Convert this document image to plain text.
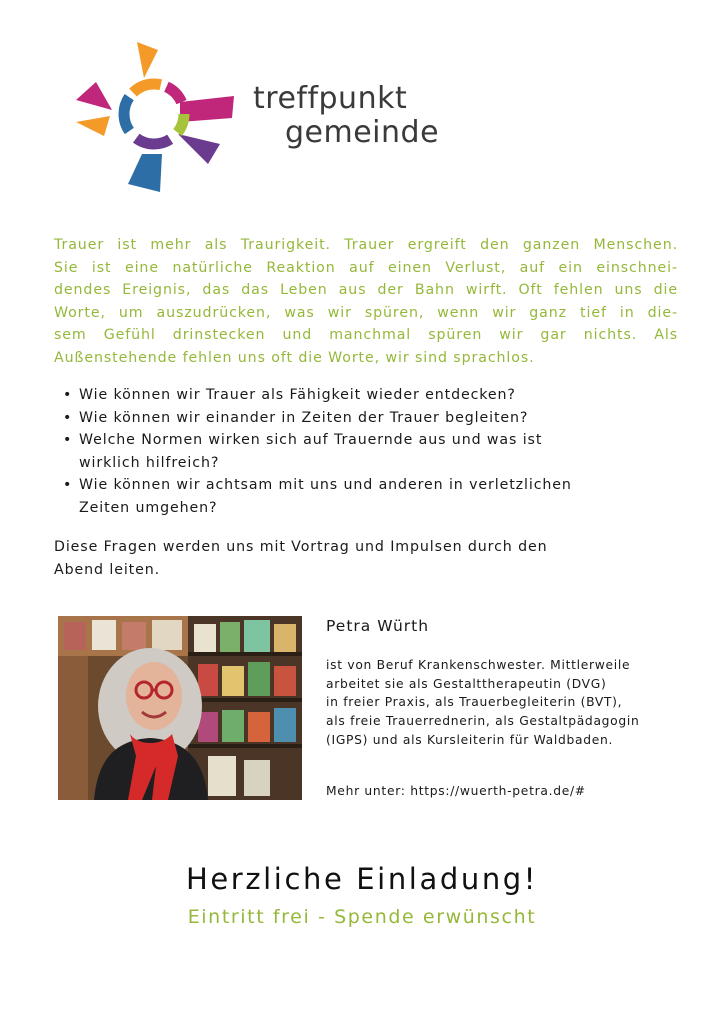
treffpunkt
gemeinde

Trauer ist mehr als Traurigkeit. Trauer ergreift den ganzen Menschen.
Sie ist eine natürliche Reaktion auf einen Verlust, auf ein einschnei-
dendes Ereignis, das das Leben aus der Bahn wirft. Oft fehlen uns die
Worte, um auszudrücken, was wir spüren, wenn wir ganz tief in die-
sem Gefühl drinstecken und manchmal spüren wir gar nichts. Als
Außenstehende fehlen uns oft die Worte, wir sind sprachlos.

• Wie können wir Trauer als Fähigkeit wieder entdecken?
• Wie können wir einander in Zeiten der Trauer begleiten?
• Welche Normen wirken sich auf Trauernde aus und was ist
wirklich hilfreich?
• Wie können wir achtsam mit uns und anderen in verletzlichen
Zeiten umgehen?

Diese Fragen werden uns mit Vortrag und Impulsen durch den
Abend leiten.

Petra Würth

ist von Beruf Krankenschwester. Mittlerweile
arbeitet sie als Gestalttherapeutin (DVG)
in freier Praxis, als Trauerbegleiterin (BVT),
als freie Trauerrednerin, als Gestaltpädagogin
(IGPS) und als Kursleiterin für Waldbaden.

Mehr unter: https://wuerth-petra.de/#

Herzliche Einladung!

Eintritt frei - Spende erwünscht
